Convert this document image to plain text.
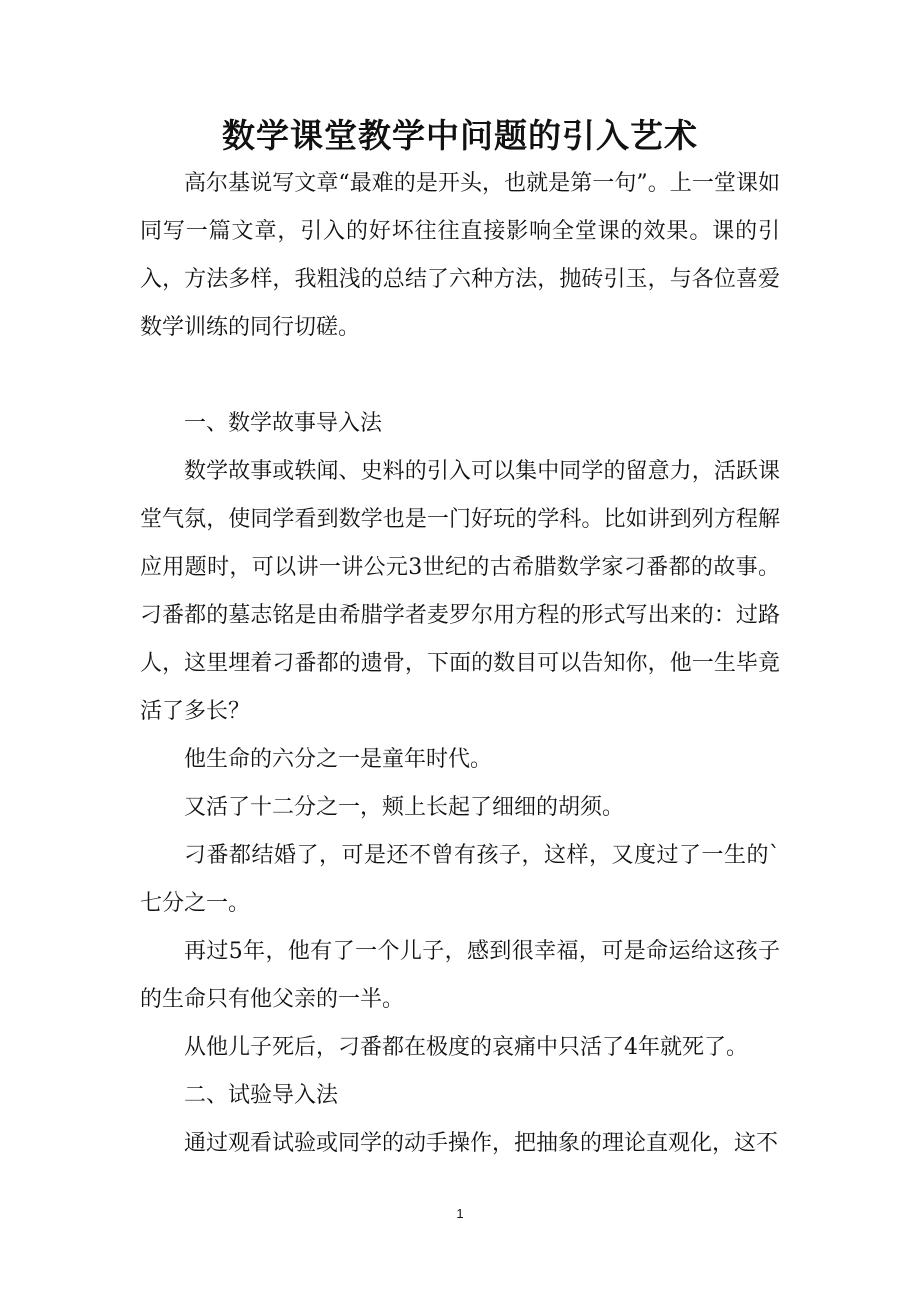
数学课堂教学中问题的引入艺术

高尔基说写文章“最难的是开头，也就是第一句”。上一堂课如同写一篇文章，引入的好坏往往直接影响全堂课的效果。课的引入，方法多样，我粗浅的总结了六种方法，抛砖引玉，与各位喜爱数学训练的同行切磋。

一、数学故事导入法

数学故事或轶闻、史料的引入可以集中同学的留意力，活跃课堂气氛，使同学看到数学也是一门好玩的学科。比如讲到列方程解应用题时，可以讲一讲公元3世纪的古希腊数学家刁番都的故事。刁番都的墓志铭是由希腊学者麦罗尔用方程的形式写出来的：过路人，这里埋着刁番都的遗骨，下面的数目可以告知你，他一生毕竟活了多长？

他生命的六分之一是童年时代。

又活了十二分之一，颊上长起了细细的胡须。

刁番都结婚了，可是还不曾有孩子，这样，又度过了一生的`七分之一。

再过5年，他有了一个儿子，感到很幸福，可是命运给这孩子的生命只有他父亲的一半。

从他儿子死后，刁番都在极度的哀痛中只活了4年就死了。

二、试验导入法

通过观看试验或同学的动手操作，把抽象的理论直观化，这不

1
